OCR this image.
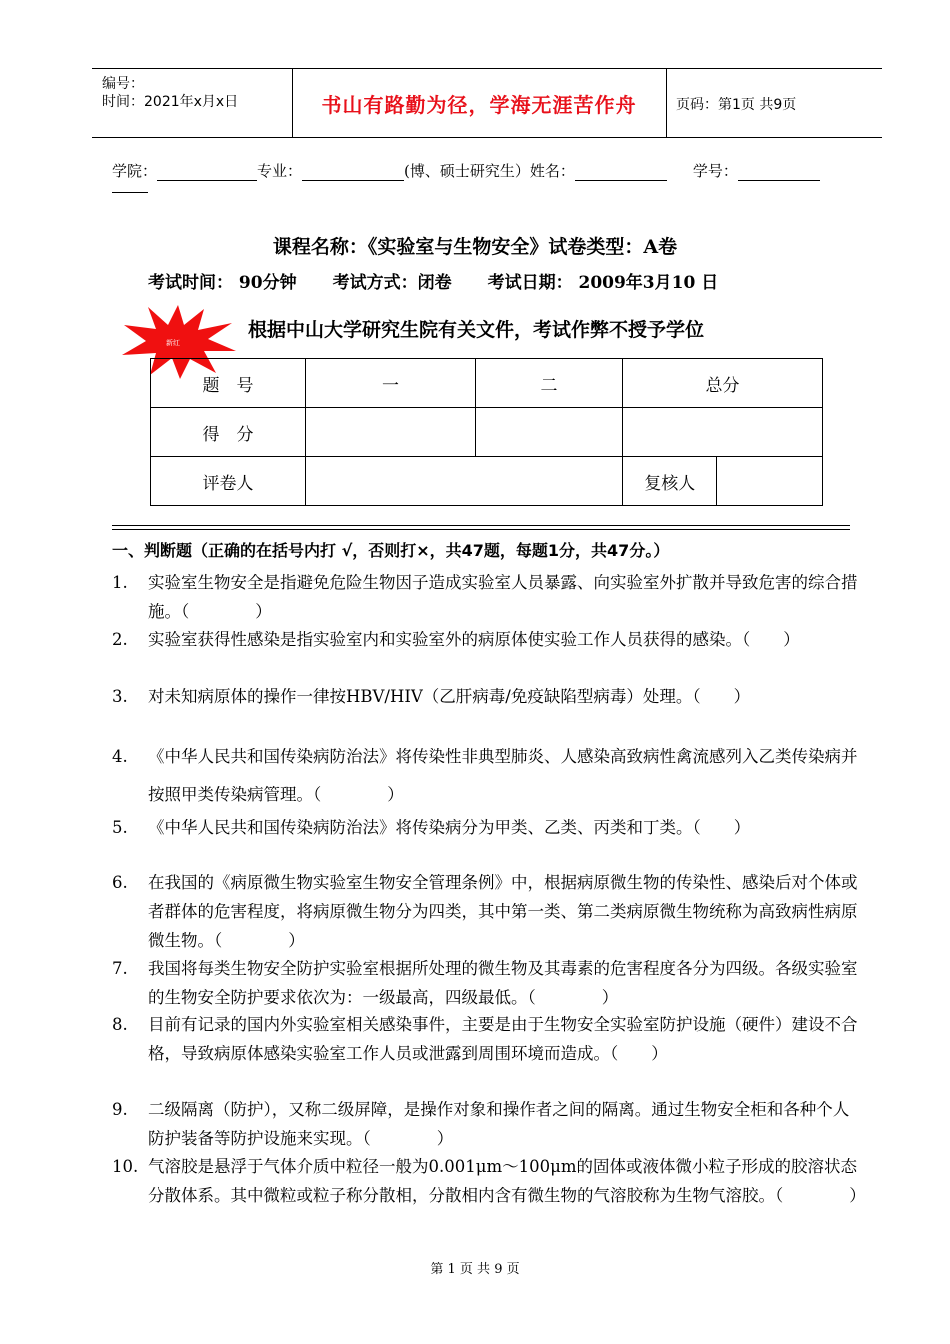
编号：
时间：2021年x月x日	书山有路勤为径，学海无涯苦作舟	页码：第1页 共9页
学院：	专业：	(博、硕士研究生）姓名：	学号：
课程名称：《实验室与生物安全》试卷类型：A卷
考试时间： 90分钟 考试方式：闭卷 考试日期： 2009年3月10 日
新红
根据中山大学研究生院有关文件，考试作弊不授予学位
题　号	一	二	总分	
得　分				
评卷人			复核人	
一、判断题（正确的在括号内打 √，否则打×，共47题，每题1分，共47分。）
1.	实验室生物安全是指避免危险生物因子造成实验室人员暴露、向实验室外扩散并导致危害的综合措施。（　　　　）
2.	实验室获得性感染是指实验室内和实验室外的病原体使实验工作人员获得的感染。（　　）
3.	对未知病原体的操作一律按HBV/HIV（乙肝病毒/免疫缺陷型病毒）处理。（　　）
4.	《中华人民共和国传染病防治法》将传染性非典型肺炎、人感染高致病性禽流感列入乙类传染病并按照甲类传染病管理。（　　　　）
5.	《中华人民共和国传染病防治法》将传染病分为甲类、乙类、丙类和丁类。（　　）
6.	在我国的《病原微生物实验室生物安全管理条例》中，根据病原微生物的传染性、感染后对个体或者群体的危害程度，将病原微生物分为四类，其中第一类、第二类病原微生物统称为高致病性病原微生物。（　　　　）
7.	我国将每类生物安全防护实验室根据所处理的微生物及其毒素的危害程度各分为四级。各级实验室的生物安全防护要求依次为：一级最高，四级最低。（　　　　）
8.	目前有记录的国内外实验室相关感染事件，主要是由于生物安全实验室防护设施（硬件）建设不合格，导致病原体感染实验室工作人员或泄露到周围环境而造成。（　　）
9.	二级隔离（防护），又称二级屏障，是操作对象和操作者之间的隔离。通过生物安全柜和各种个人防护装备等防护设施来实现。（　　　　）
10. 气溶胶是悬浮于气体介质中粒径一般为0.001μm～100μm的固体或液体微小粒子形成的胶溶状态分散体系。其中微粒或粒子称分散相，分散相内含有微生物的气溶胶称为生物气溶胶。（　　　　）
第 1 页 共 9 页
